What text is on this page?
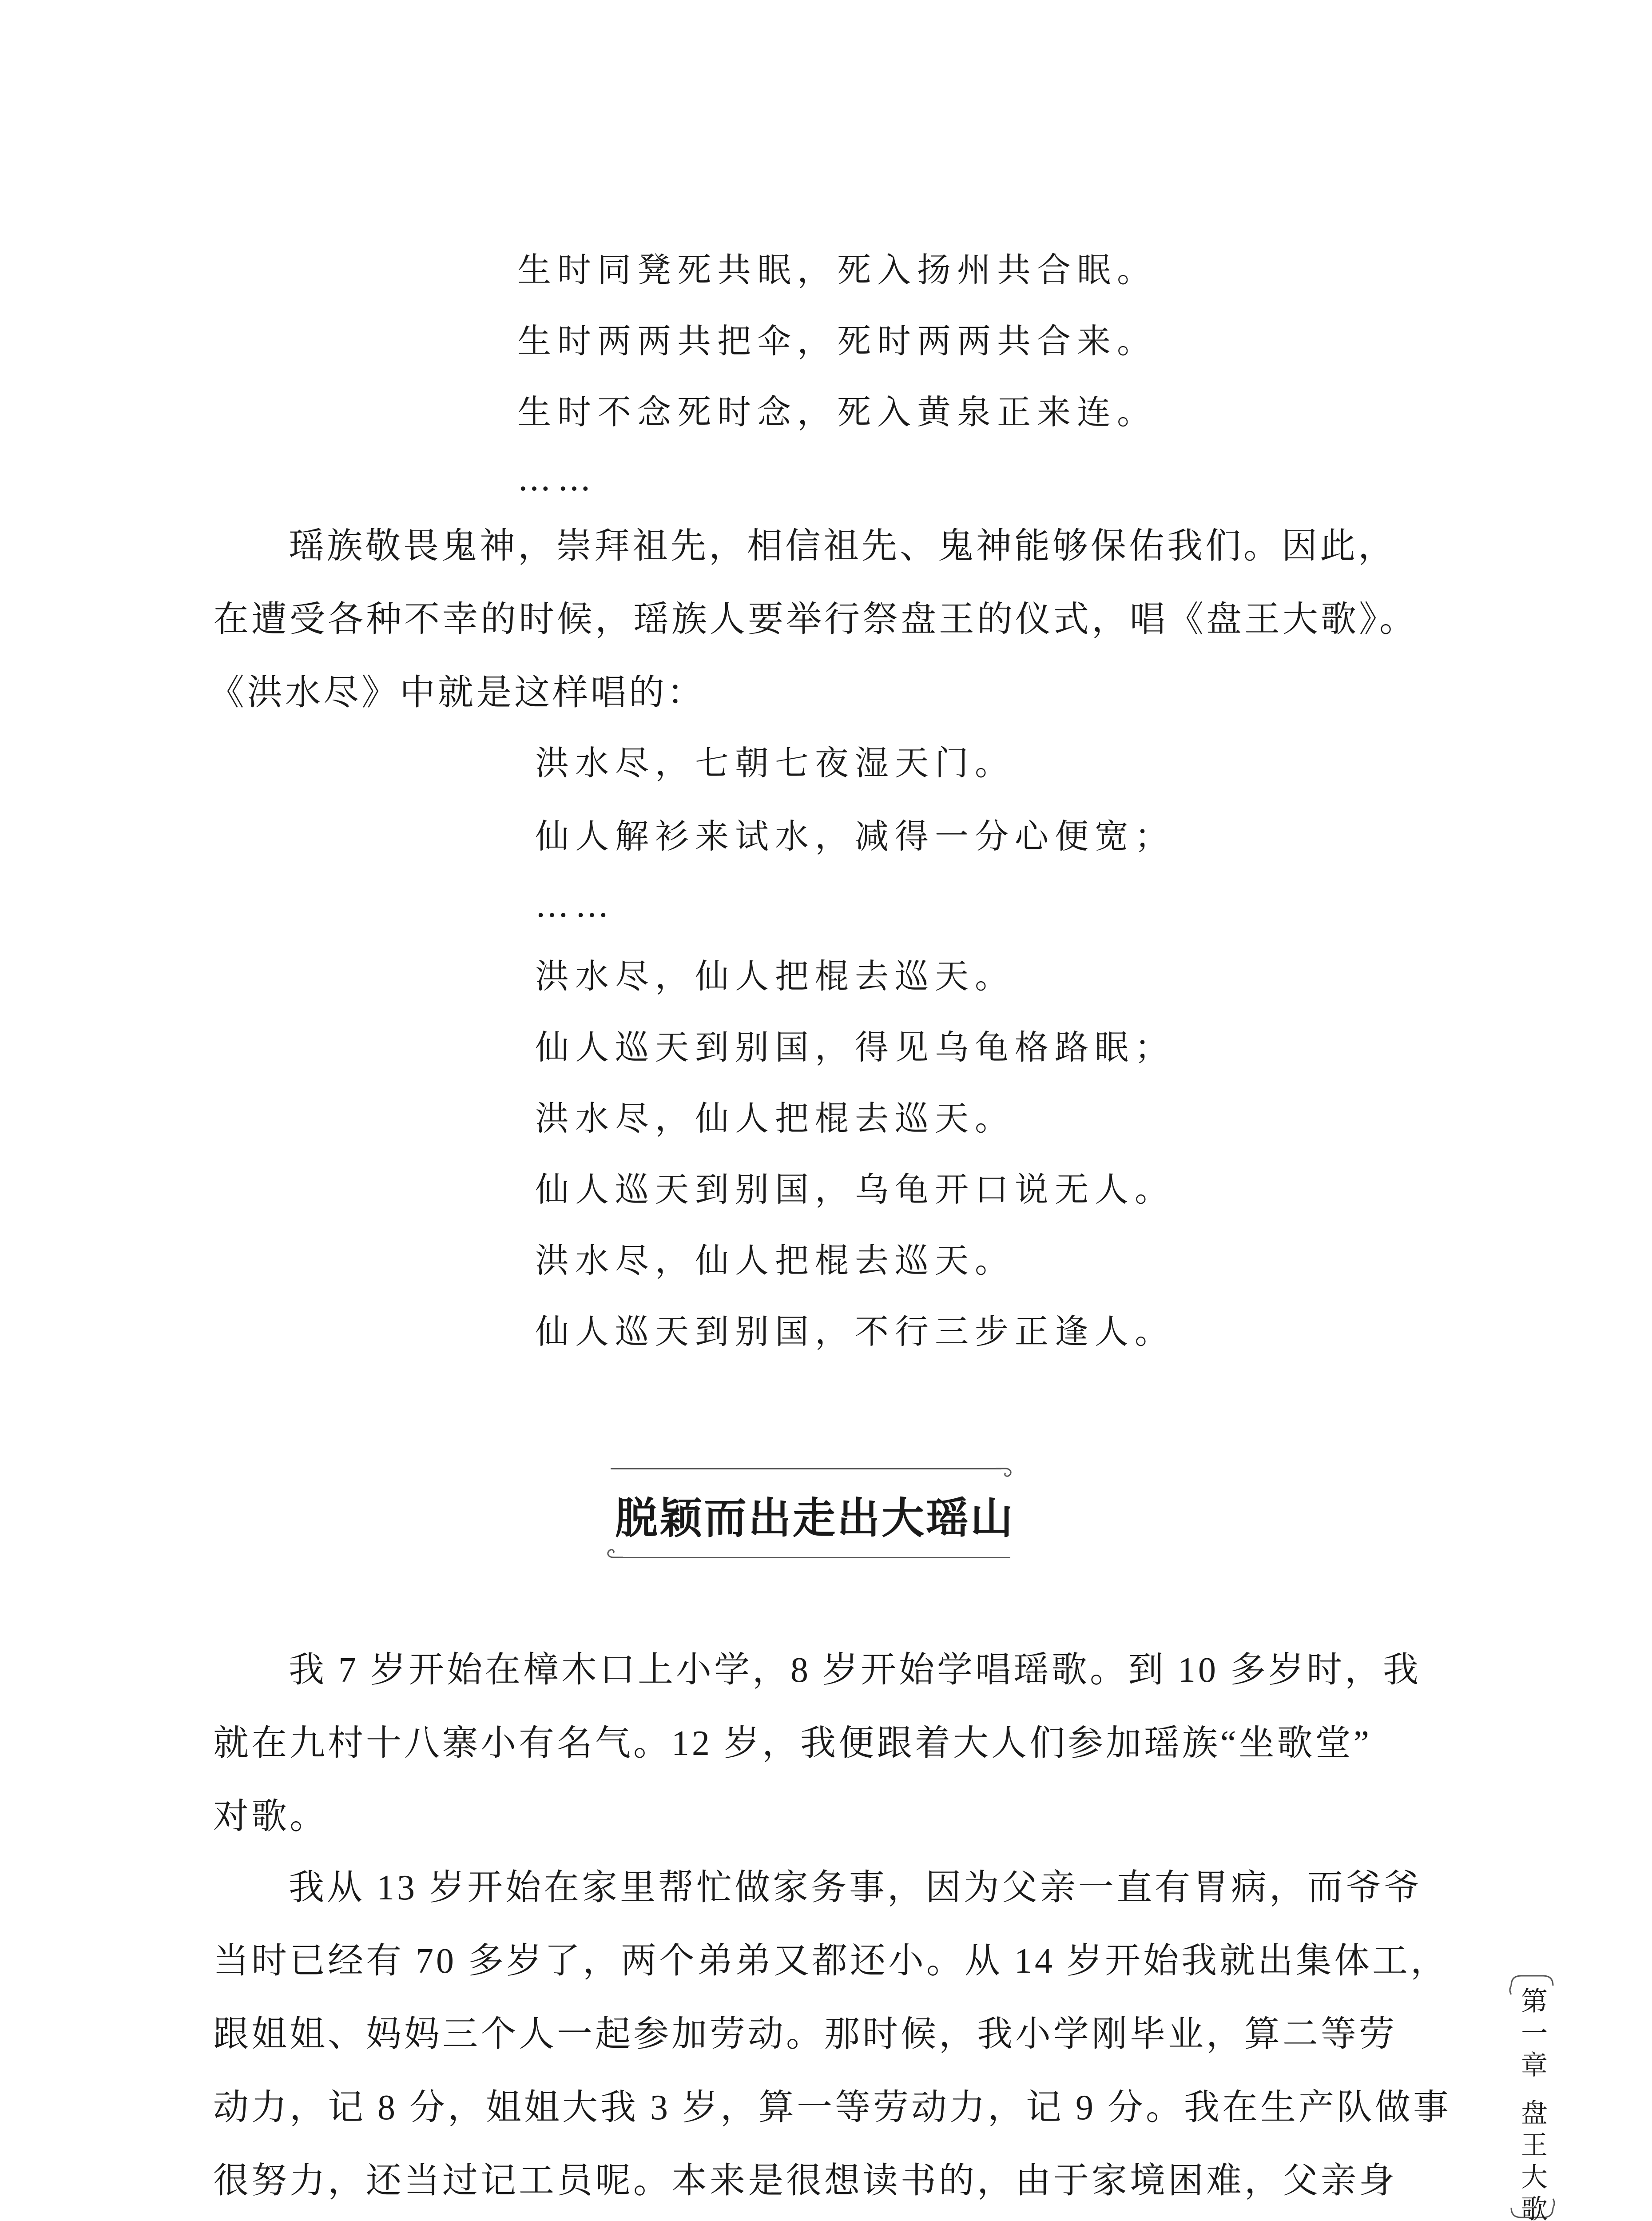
生时同凳死共眠，死入扬州共合眠。
生时两两共把伞，死时两两共合来。
生时不念死时念，死入黄泉正来连。
……
瑶族敬畏鬼神，崇拜祖先，相信祖先、鬼神能够保佑我们。因此，
在遭受各种不幸的时候，瑶族人要举行祭盘王的仪式，唱《盘王大歌》。
《洪水尽》中就是这样唱的：
洪水尽，七朝七夜湿天门。
仙人解衫来试水，减得一分心便宽；
……
洪水尽，仙人把棍去巡天。
仙人巡天到别国，得见乌龟格路眠；
洪水尽，仙人把棍去巡天。
仙人巡天到别国，乌龟开口说无人。
洪水尽，仙人把棍去巡天。
仙人巡天到别国，不行三步正逢人。
脱颖而出走出大瑶山
我 7 岁开始在樟木口上小学，8 岁开始学唱瑶歌。到 10 多岁时，我
就在九村十八寨小有名气。12 岁，我便跟着大人们参加瑶族“坐歌堂”
对歌。
我从 13 岁开始在家里帮忙做家务事，因为父亲一直有胃病，而爷爷
当时已经有 70 多岁了，两个弟弟又都还小。从 14 岁开始我就出集体工，
跟姐姐、妈妈三个人一起参加劳动。那时候，我小学刚毕业，算二等劳
动力，记 8 分，姐姐大我 3 岁，算一等劳动力，记 9 分。我在生产队做事
很努力，还当过记工员呢。本来是很想读书的，由于家境困难，父亲身
第
一
章
盘
王
大
歌
